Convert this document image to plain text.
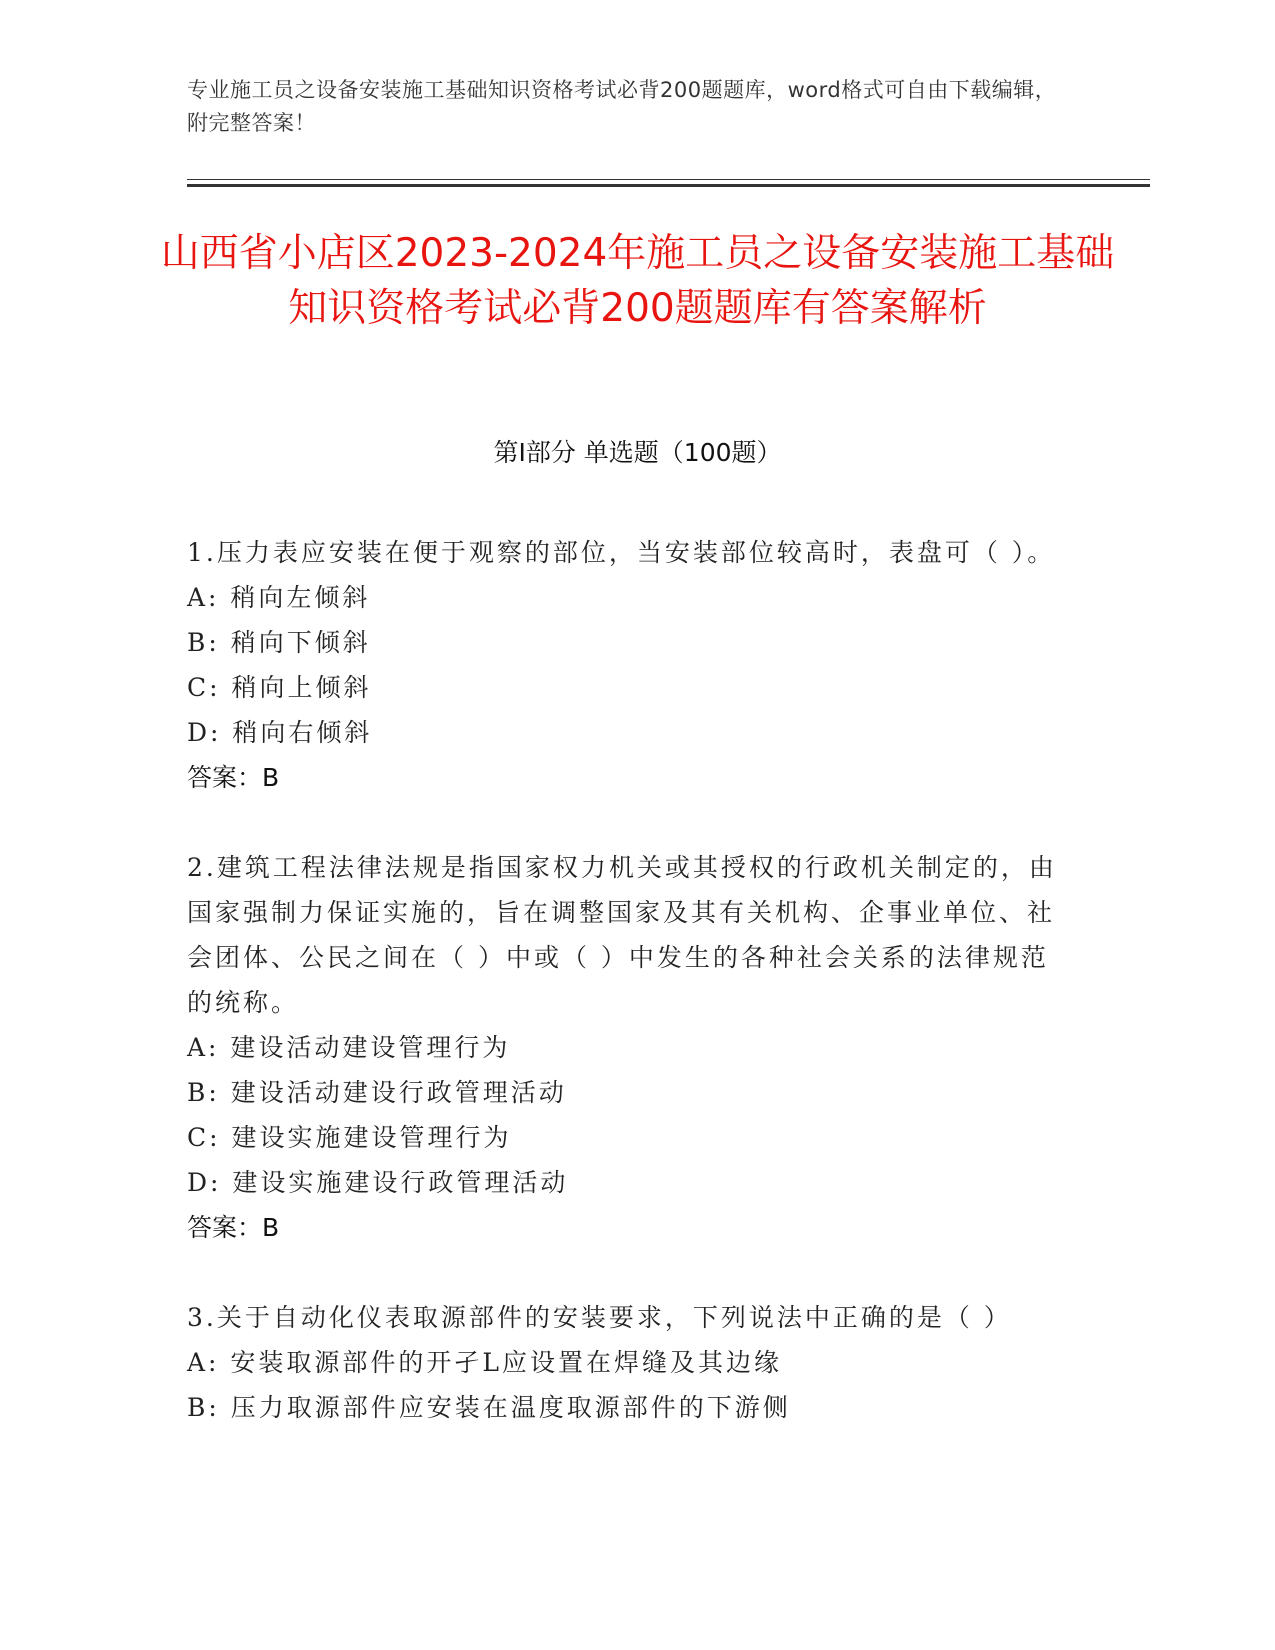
专业施工员之设备安装施工基础知识资格考试必背200题题库，word格式可自由下载编辑，附完整答案！
山西省小店区2023-2024年施工员之设备安装施工基础知识资格考试必背200题题库有答案解析
第Ⅰ部分 单选题（100题）
1.压力表应安装在便于观察的部位，当安装部位较高时，表盘可（ ）。
A: 稍向左倾斜
B: 稍向下倾斜
C: 稍向上倾斜
D: 稍向右倾斜
答案：B
2.建筑工程法律法规是指国家权力机关或其授权的行政机关制定的，由国家强制力保证实施的，旨在调整国家及其有关机构、企事业单位、社会团体、公民之间在（ ）中或（ ）中发生的各种社会关系的法律规范的统称。
A: 建设活动建设管理行为
B: 建设活动建设行政管理活动
C: 建设实施建设管理行为
D: 建设实施建设行政管理活动
答案：B
3.关于自动化仪表取源部件的安装要求，下列说法中正确的是（ ）
A: 安装取源部件的开孑L应设置在焊缝及其边缘
B: 压力取源部件应安装在温度取源部件的下游侧
